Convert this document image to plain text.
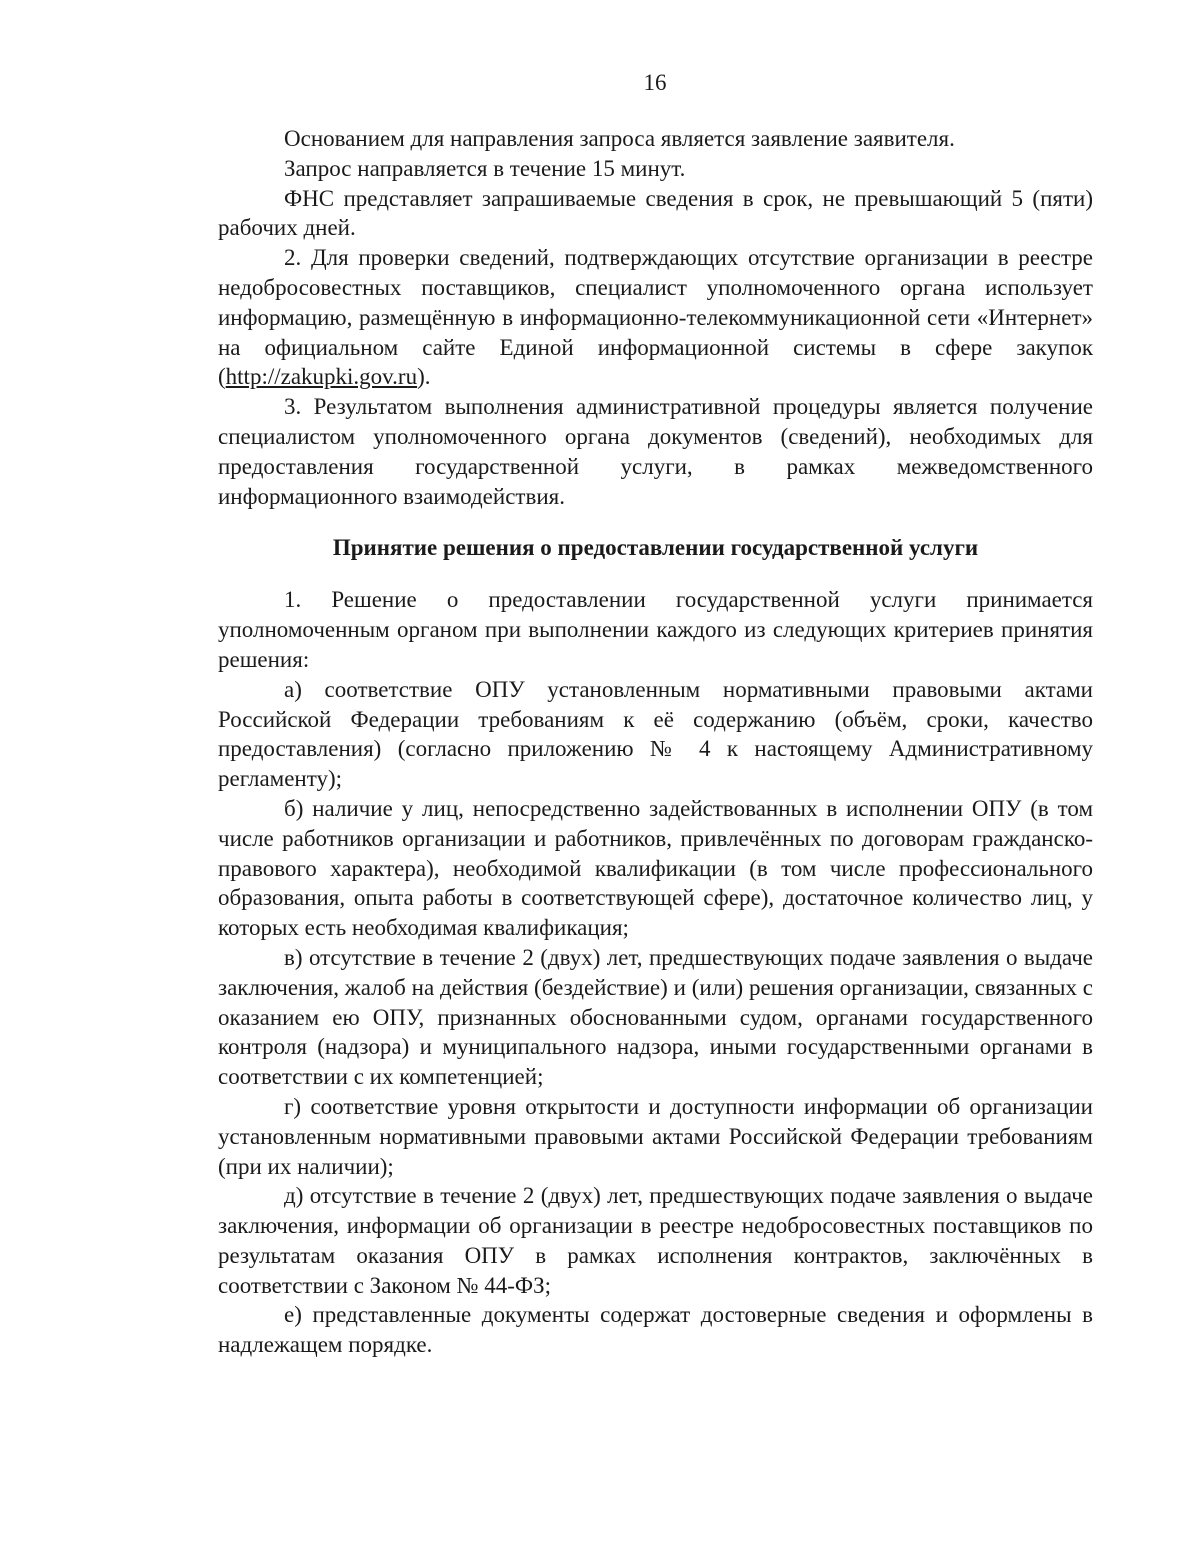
16

Основанием для направления запроса является заявление заявителя.

Запрос направляется в течение 15 минут.

ФНС представляет запрашиваемые сведения в срок, не превышающий 5 (пяти) рабочих дней.

2. Для проверки сведений, подтверждающих отсутствие организации в реестре недобросовестных поставщиков, специалист уполномоченного органа использует информацию, размещённую в информационно-телекоммуникационной сети «Интернет» на официальном сайте Единой информационной системы в сфере закупок (http://zakupki.gov.ru).

3. Результатом выполнения административной процедуры является получение специалистом уполномоченного органа документов (сведений), необходимых для предоставления государственной услуги, в рамках межведомственного информационного взаимодействия.

Принятие решения о предоставлении государственной услуги

1. Решение о предоставлении государственной услуги принимается уполномоченным органом при выполнении каждого из следующих критериев принятия решения:

а) соответствие ОПУ установленным нормативными правовыми актами Российской Федерации требованиям к её содержанию (объём, сроки, качество предоставления) (согласно приложению № 4 к настоящему Административному регламенту);

б) наличие у лиц, непосредственно задействованных в исполнении ОПУ (в том числе работников организации и работников, привлечённых по договорам гражданско-правового характера), необходимой квалификации (в том числе профессионального образования, опыта работы в соответствующей сфере), достаточное количество лиц, у которых есть необходимая квалификация;

в) отсутствие в течение 2 (двух) лет, предшествующих подаче заявления о выдаче заключения, жалоб на действия (бездействие) и (или) решения организации, связанных с оказанием ею ОПУ, признанных обоснованными судом, органами государственного контроля (надзора) и муниципального надзора, иными государственными органами в соответствии с их компетенцией;

г) соответствие уровня открытости и доступности информации об организации установленным нормативными правовыми актами Российской Федерации требованиям (при их наличии);

д) отсутствие в течение 2 (двух) лет, предшествующих подаче заявления о выдаче заключения, информации об организации в реестре недобросовестных поставщиков по результатам оказания ОПУ в рамках исполнения контрактов, заключённых в соответствии с Законом № 44-ФЗ;

е) представленные документы содержат достоверные сведения и оформлены в надлежащем порядке.
